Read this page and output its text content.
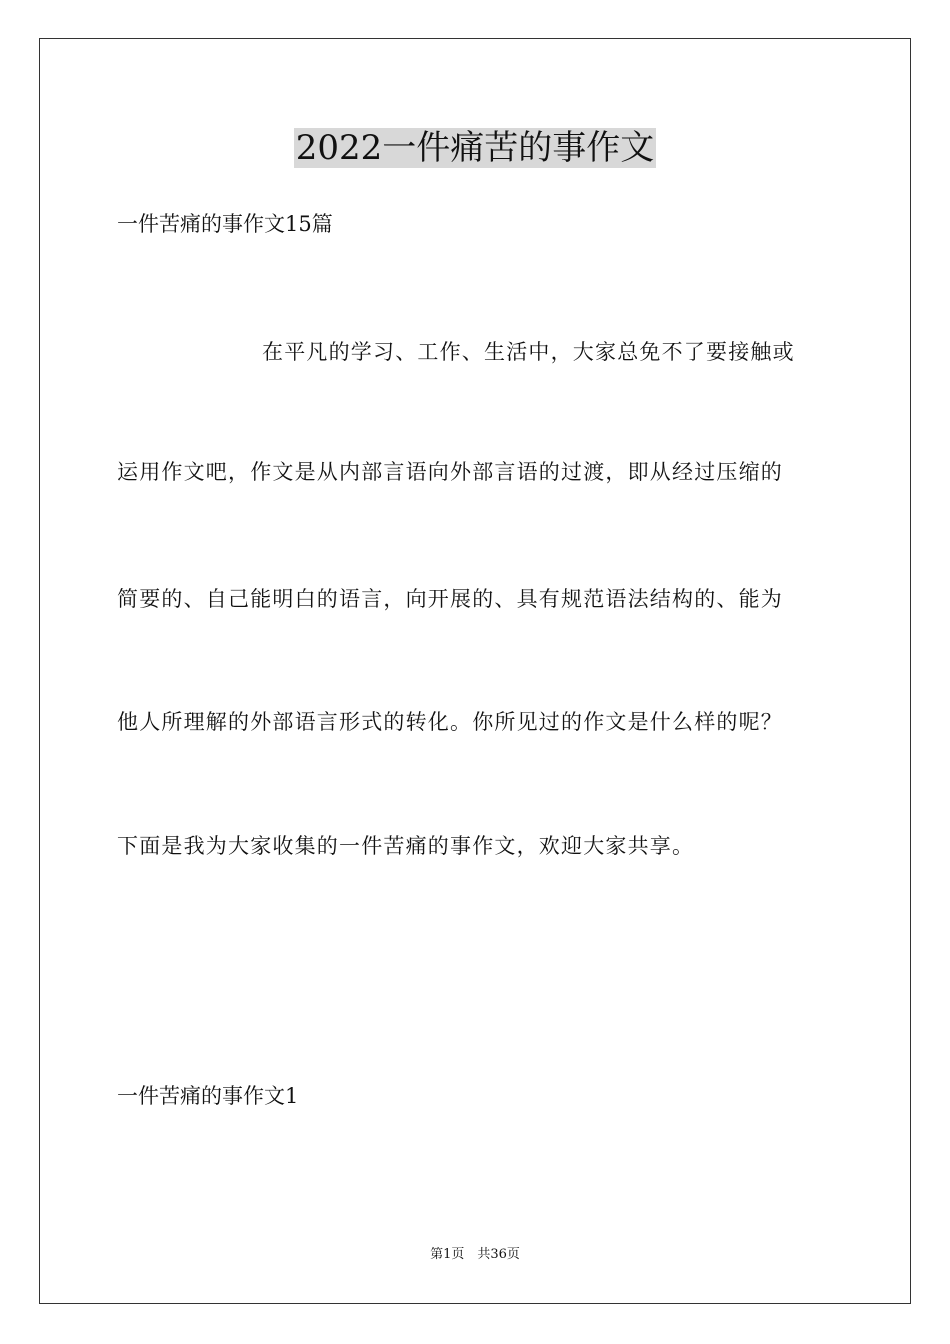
2022一件痛苦的事作文
一件苦痛的事作文15篇
在平凡的学习、工作、生活中，大家总免不了要接触或
运用作文吧，作文是从内部言语向外部言语的过渡，即从经过压缩的
简要的、自己能明白的语言，向开展的、具有规范语法结构的、能为
他人所理解的外部语言形式的转化。你所见过的作文是什么样的呢？
下面是我为大家收集的一件苦痛的事作文，欢迎大家共享。
一件苦痛的事作文1
第1页　共36页
